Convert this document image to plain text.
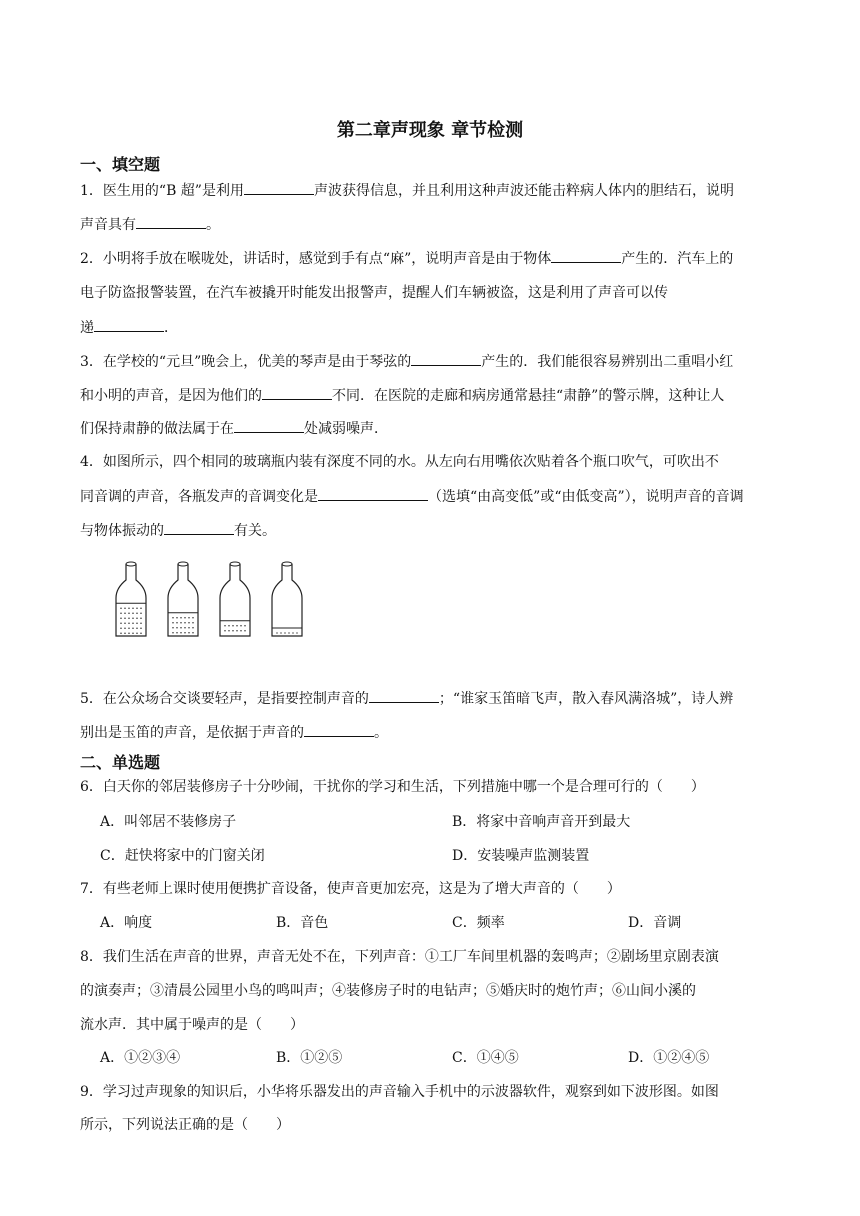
第二章声现象 章节检测
一、填空题
1．医生用的“B 超”是利用	声波获得信息，并且利用这种声波还能击粹病人体内的胆结石，说明
声音具有	。
2．小明将手放在喉咙处，讲话时，感觉到手有点“麻”，说明声音是由于物体	产生的．汽车上的
电子防盗报警装置，在汽车被撬开时能发出报警声，提醒人们车辆被盗，这是利用了声音可以传
递	．
3．在学校的“元旦”晚会上，优美的琴声是由于琴弦的	产生的．我们能很容易辨别出二重唱小红
和小明的声音，是因为他们的	不同．在医院的走廊和病房通常悬挂“肃静”的警示牌，这种让人
们保持肃静的做法属于在	处减弱噪声．
4．如图所示，四个相同的玻璃瓶内装有深度不同的水。从左向右用嘴依次贴着各个瓶口吹气，可吹出不
同音调的声音，各瓶发声的音调变化是	（选填“由高变低”或“由低变高”），说明声音的音调
与物体振动的	有关。
5．在公众场合交谈要轻声，是指要控制声音的	；“谁家玉笛暗飞声，散入春风满洛城”，诗人辨
别出是玉笛的声音，是依据于声音的	。
二、单选题
6．白天你的邻居装修房子十分吵闹，干扰你的学习和生活，下列措施中哪一个是合理可行的（　　）
A．叫邻居不装修房子	B．将家中音响声音开到最大
C．赶快将家中的门窗关闭	D．安装噪声监测装置
7．有些老师上课时使用便携扩音设备，使声音更加宏亮，这是为了增大声音的（　　）
A．响度	B．音色	C．频率	D．音调
8．我们生活在声音的世界，声音无处不在，下列声音：①工厂车间里机器的轰鸣声；②剧场里京剧表演
的演奏声；③清晨公园里小鸟的鸣叫声；④装修房子时的电钻声；⑤婚庆时的炮竹声；⑥山间小溪的
流水声．其中属于噪声的是（　　）
A．①②③④	B．①②⑤	C．①④⑤	D．①②④⑤
9．学习过声现象的知识后，小华将乐器发出的声音输入手机中的示波器软件，观察到如下波形图。如图
所示，下列说法正确的是（　　）
